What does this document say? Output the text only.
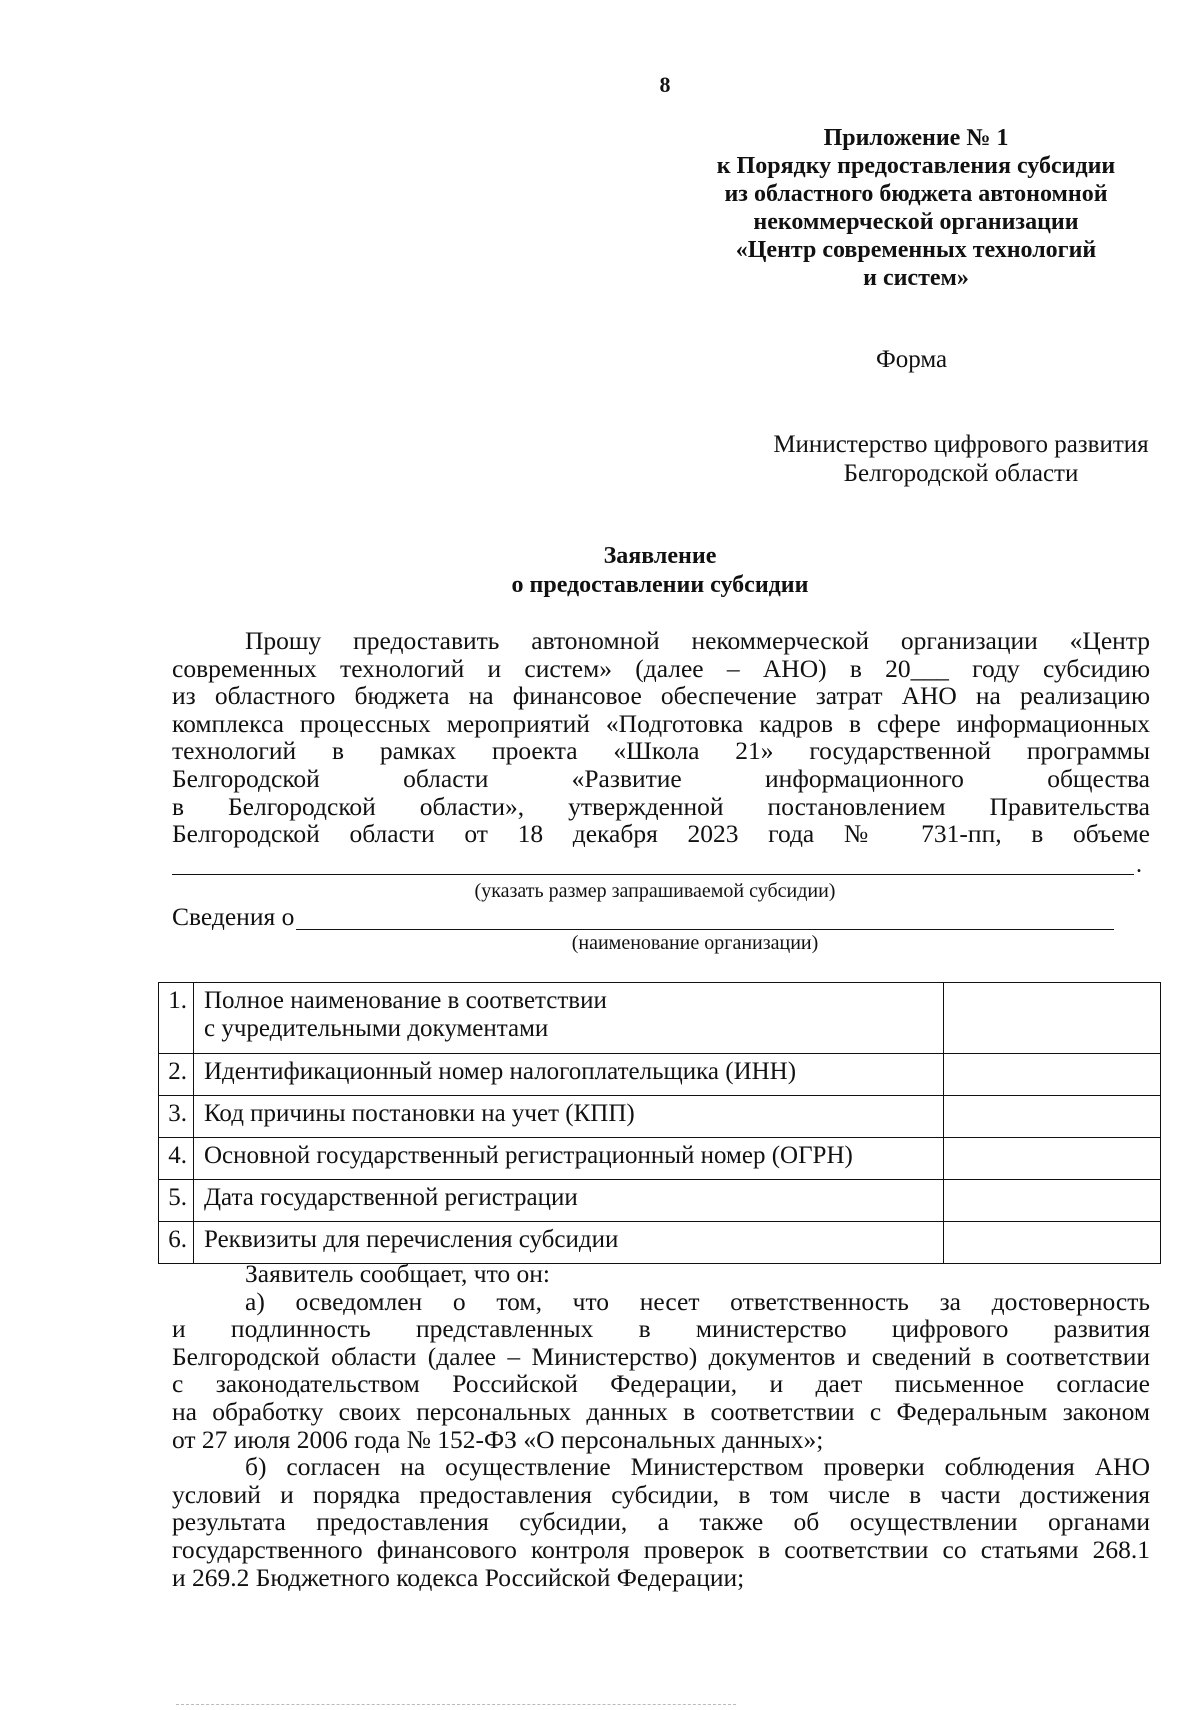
8
Приложение № 1
к Порядку предоставления субсидии
из областного бюджета автономной
некоммерческой организации
«Центр современных технологий
и систем»
Форма
Министерство цифрового развития
Белгородской области
Заявление
о предоставлении субсидии
Прошу предоставить автономной некоммерческой организации «Центр
современных технологий и систем» (далее – АНО) в 20___ году субсидию
из областного бюджета на финансовое обеспечение затрат АНО на реализацию
комплекса процессных мероприятий «Подготовка кадров в сфере информационных
технологий в рамках проекта «Школа 21» государственной программы
Белгородской области «Развитие информационного общества
в Белгородской области», утвержденной постановлением Правительства
Белгородской области от 18 декабря 2023 года № 731-пп, в объеме
.
(указать размер запрашиваемой субсидии)
Сведения о
(наименование организации)
1.	Полное наименование в соответствии
с учредительными документами	

2.	Идентификационный номер налогоплательщика (ИНН)	
3.	Код причины постановки на учет (КПП)	
4.	Основной государственный регистрационный номер (ОГРН)	
5.	Дата государственной регистрации	
6.	Реквизиты для перечисления субсидии	
Заявитель сообщает, что он:
а) осведомлен о том, что несет ответственность за достоверность
и подлинность представленных в министерство цифрового развития
Белгородской области (далее – Министерство) документов и сведений в соответствии
с законодательством Российской Федерации, и дает письменное согласие
на обработку своих персональных данных в соответствии с Федеральным законом
от 27 июля 2006 года № 152-ФЗ «О персональных данных»;
б) согласен на осуществление Министерством проверки соблюдения АНО
условий и порядка предоставления субсидии, в том числе в части достижения
результата предоставления субсидии, а также об осуществлении органами
государственного финансового контроля проверок в соответствии со статьями 268.1
и 269.2 Бюджетного кодекса Российской Федерации;
